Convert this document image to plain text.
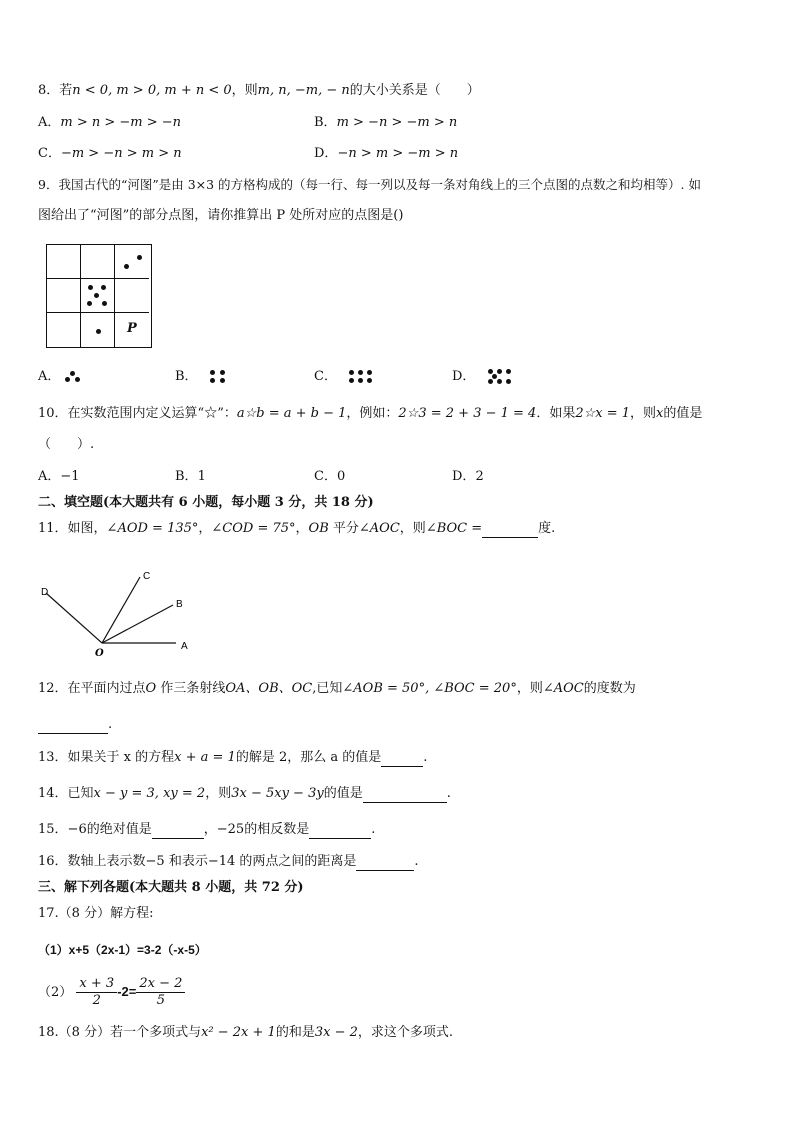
8．若n < 0, m > 0, m + n < 0，则m, n, −m, − n的大小关系是（　　）
A．m > n > −m > −n	B．m > −n > −m > n
C．−m > −n > m > n	D．−n > m > −m > n
9．我国古代的“河图”是由 3×3 的方格构成的（每一行、每一列以及每一条对角线上的三个点图的点数之和均相等）. 如
图给出了“河图”的部分点图，请你推算出 P 处所对应的点图是()
P
A．	B．	C．	D．
10．在实数范围内定义运算“☆”：a☆b = a + b − 1，例如：2☆3 = 2 + 3 − 1 = 4．如果2☆x = 1，则x的值是
（　　）.
A．−1	B．1	C．0	D．2
二、填空题(本大题共有 6 小题，每小题 3 分，共 18 分)
11．如图，∠AOD = 135°，∠COD = 75°，OB 平分∠AOC，则∠BOC =	度.
D
C
B
A
O
12．在平面内过点O 作三条射线OA、OB、OC,已知∠AOB = 50°, ∠BOC = 20°，则∠AOC的度数为
.
13．如果关于 x 的方程x + a = 1的解是 2，那么 a 的值是	.
14．已知x − y = 3, xy = 2，则3x − 5xy − 3y的值是	.
15．−6的绝对值是	，−25的相反数是	.
16．数轴上表示数−5 和表示−14 的两点之间的距离是	.
三、解下列各题(本大题共 8 小题，共 72 分)
17.（8 分）解方程:
（1）x+5（2x-1）=3-2（-x-5）
$(2) \frac{x + 3}{2} -2= \frac{2x - 2}{5}$
18.（8 分）若一个多项式与x² − 2x + 1的和是3x − 2，求这个多项式.
